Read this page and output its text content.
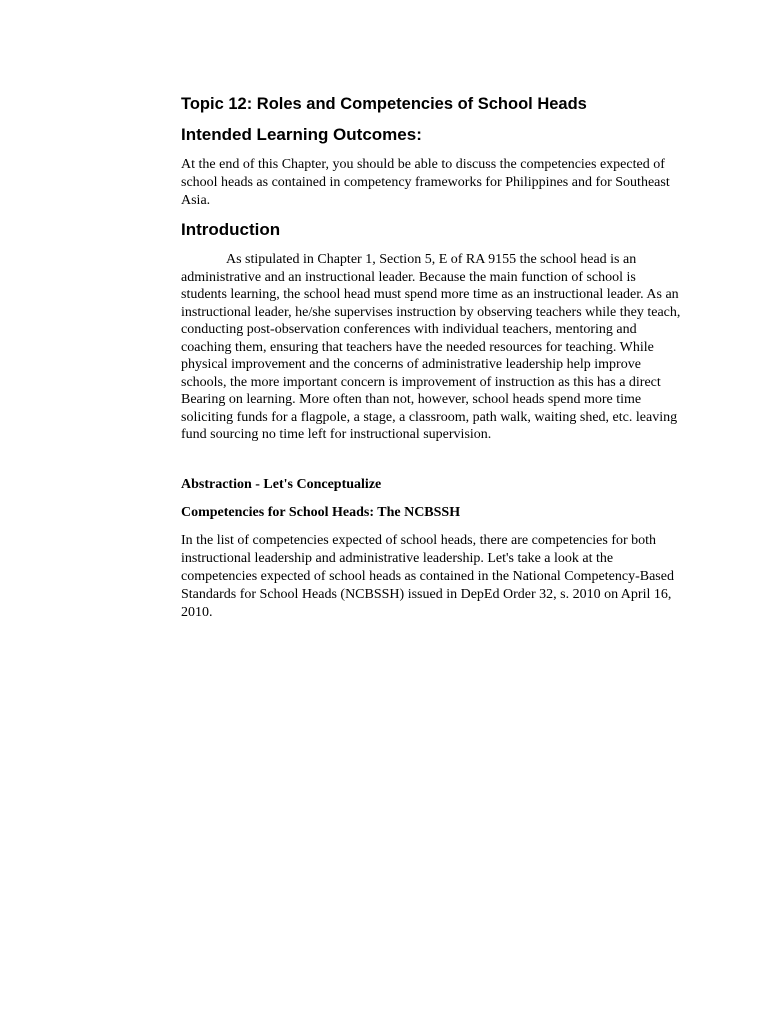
Topic 12: Roles and Competencies of School Heads
Intended Learning Outcomes:

At the end of this Chapter, you should be able to discuss the competencies expected of school heads as contained in competency frameworks for Philippines and for Southeast Asia.

Introduction

As stipulated in Chapter 1, Section 5, E of RA 9155 the school head is an administrative and an instructional leader. Because the main function of school is students learning, the school head must spend more time as an instructional leader. As an instructional leader, he/she supervises instruction by observing teachers while they teach, conducting post-observation conferences with individual teachers, mentoring and coaching them, ensuring that teachers have the needed resources for teaching. While physical improvement and the concerns of administrative leadership help improve schools, the more important concern is improvement of instruction as this has a direct Bearing on learning. More often than not, however, school heads spend more time soliciting funds for a flagpole, a stage, a classroom, path walk, waiting shed, etc. leaving fund sourcing no time left for instructional supervision.

Abstraction - Let's Conceptualize

Competencies for School Heads: The NCBSSH

In the list of competencies expected of school heads, there are competencies for both instructional leadership and administrative leadership. Let's take a look at the competencies expected of school heads as contained in the National Competency-Based Standards for School Heads (NCBSSH) issued in DepEd Order 32, s. 2010 on April 16, 2010.
